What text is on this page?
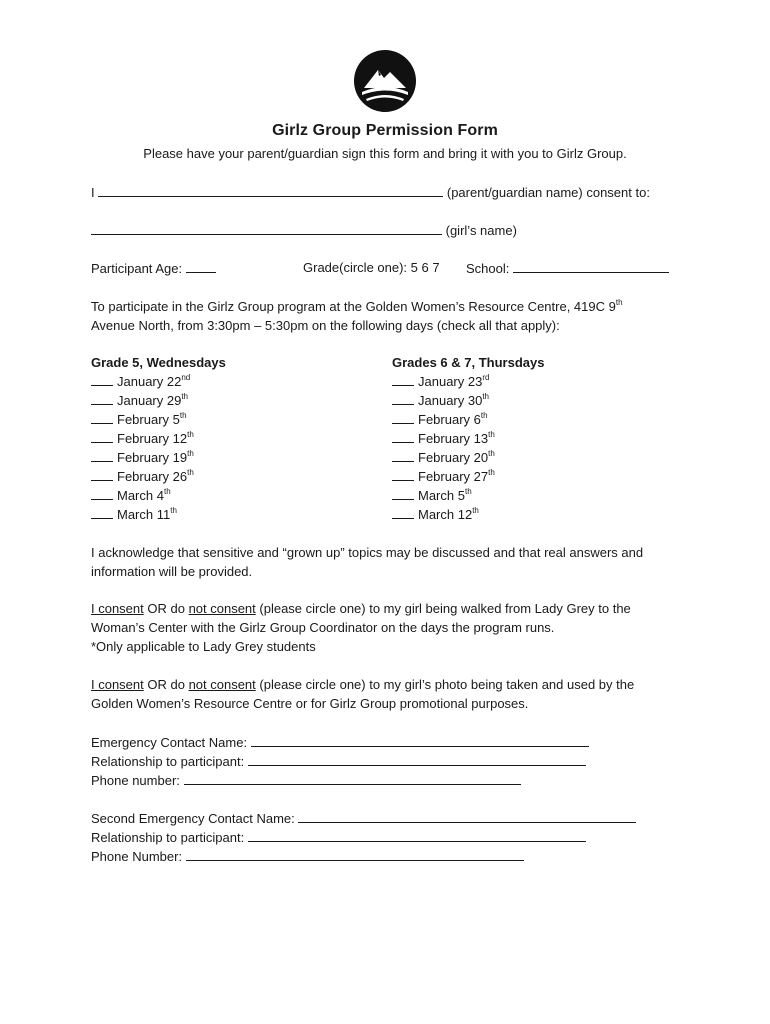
Girlz Group Permission Form
Please have your parent/guardian sign this form and bring it with you to Girlz Group.
I	(parent/guardian name) consent to:
(girl’s name)
Participant Age:	Grade(circle one): 5 6 7 School:
To participate in the Girlz Group program at the Golden Women’s Resource Centre, 419C 9th
Avenue North, from 3:30pm – 5:30pm on the following days (check all that apply):
Grade 5, Wednesdays
January 22nd
January 29th
February 5th
February 12th
February 19th
February 26th
March 4th
March 11th
Grades 6 & 7, Thursdays
January 23rd
January 30th
February 6th
February 13th
February 20th
February 27th
March 5th
March 12th
I acknowledge that sensitive and “grown up” topics may be discussed and that real answers and
information will be provided.
I consent OR do not consent (please circle one) to my girl being walked from Lady Grey to the
Woman’s Center with the Girlz Group Coordinator on the days the program runs.
*Only applicable to Lady Grey students
I consent OR do not consent (please circle one) to my girl’s photo being taken and used by the
Golden Women’s Resource Centre or for Girlz Group promotional purposes.
Emergency Contact Name:
Relationship to participant:
Phone number:
Second Emergency Contact Name:
Relationship to participant:
Phone Number:
